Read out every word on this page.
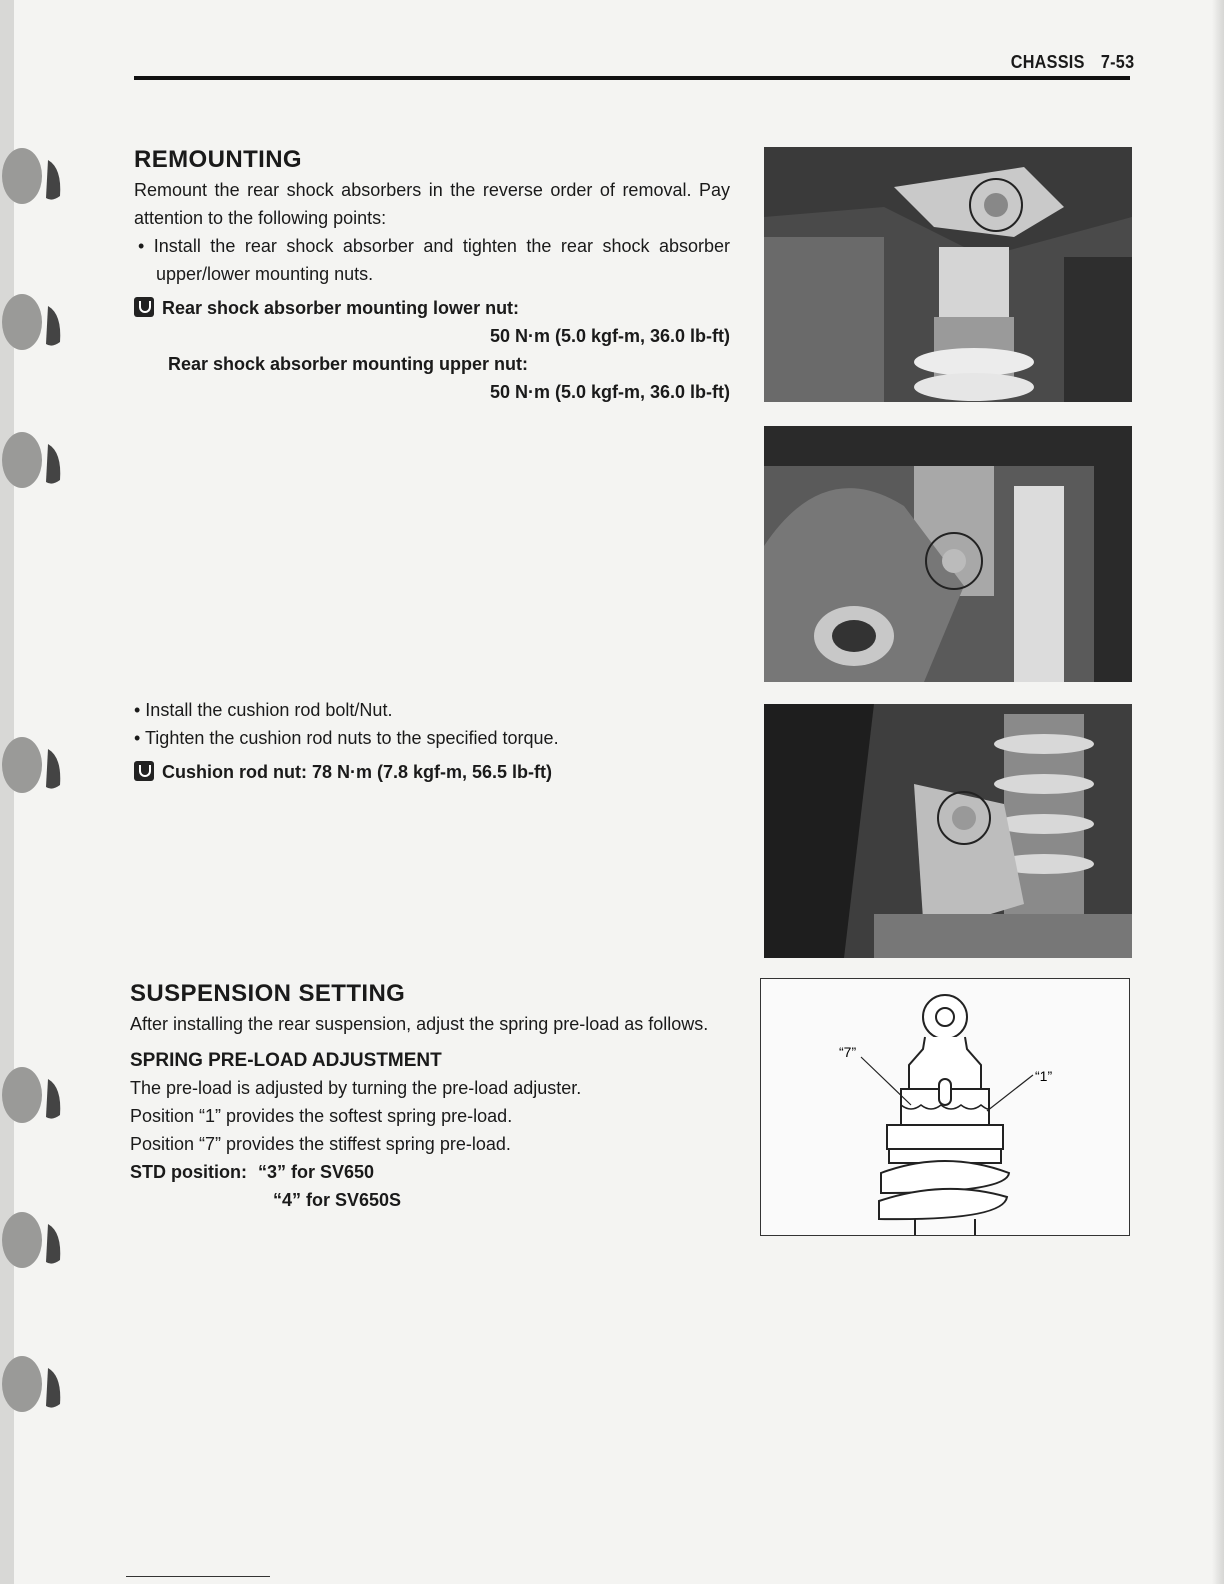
CHASSIS 7-53
REMOUNTING

Remount the rear shock absorbers in the reverse order of removal. Pay attention to the following points:

• Install the rear shock absorber and tighten the rear shock absorber upper/lower mounting nuts.

Rear shock absorber mounting lower nut:
50 N·m (5.0 kgf-m, 36.0 lb-ft)
Rear shock absorber mounting upper nut:
50 N·m (5.0 kgf-m, 36.0 lb-ft)

• Install the cushion rod bolt/Nut.

• Tighten the cushion rod nuts to the specified torque.

Cushion rod nut: 78 N·m (7.8 kgf-m, 56.5 lb-ft)
SUSPENSION SETTING

After installing the rear suspension, adjust the spring pre-load as follows.

SPRING PRE-LOAD ADJUSTMENT

The pre-load is adjusted by turning the pre-load adjuster.

Position “1” provides the softest spring pre-load.

Position “7” provides the stiffest spring pre-load.

STD position: “3” for SV650
“4” for SV650S
“7”
“1”
